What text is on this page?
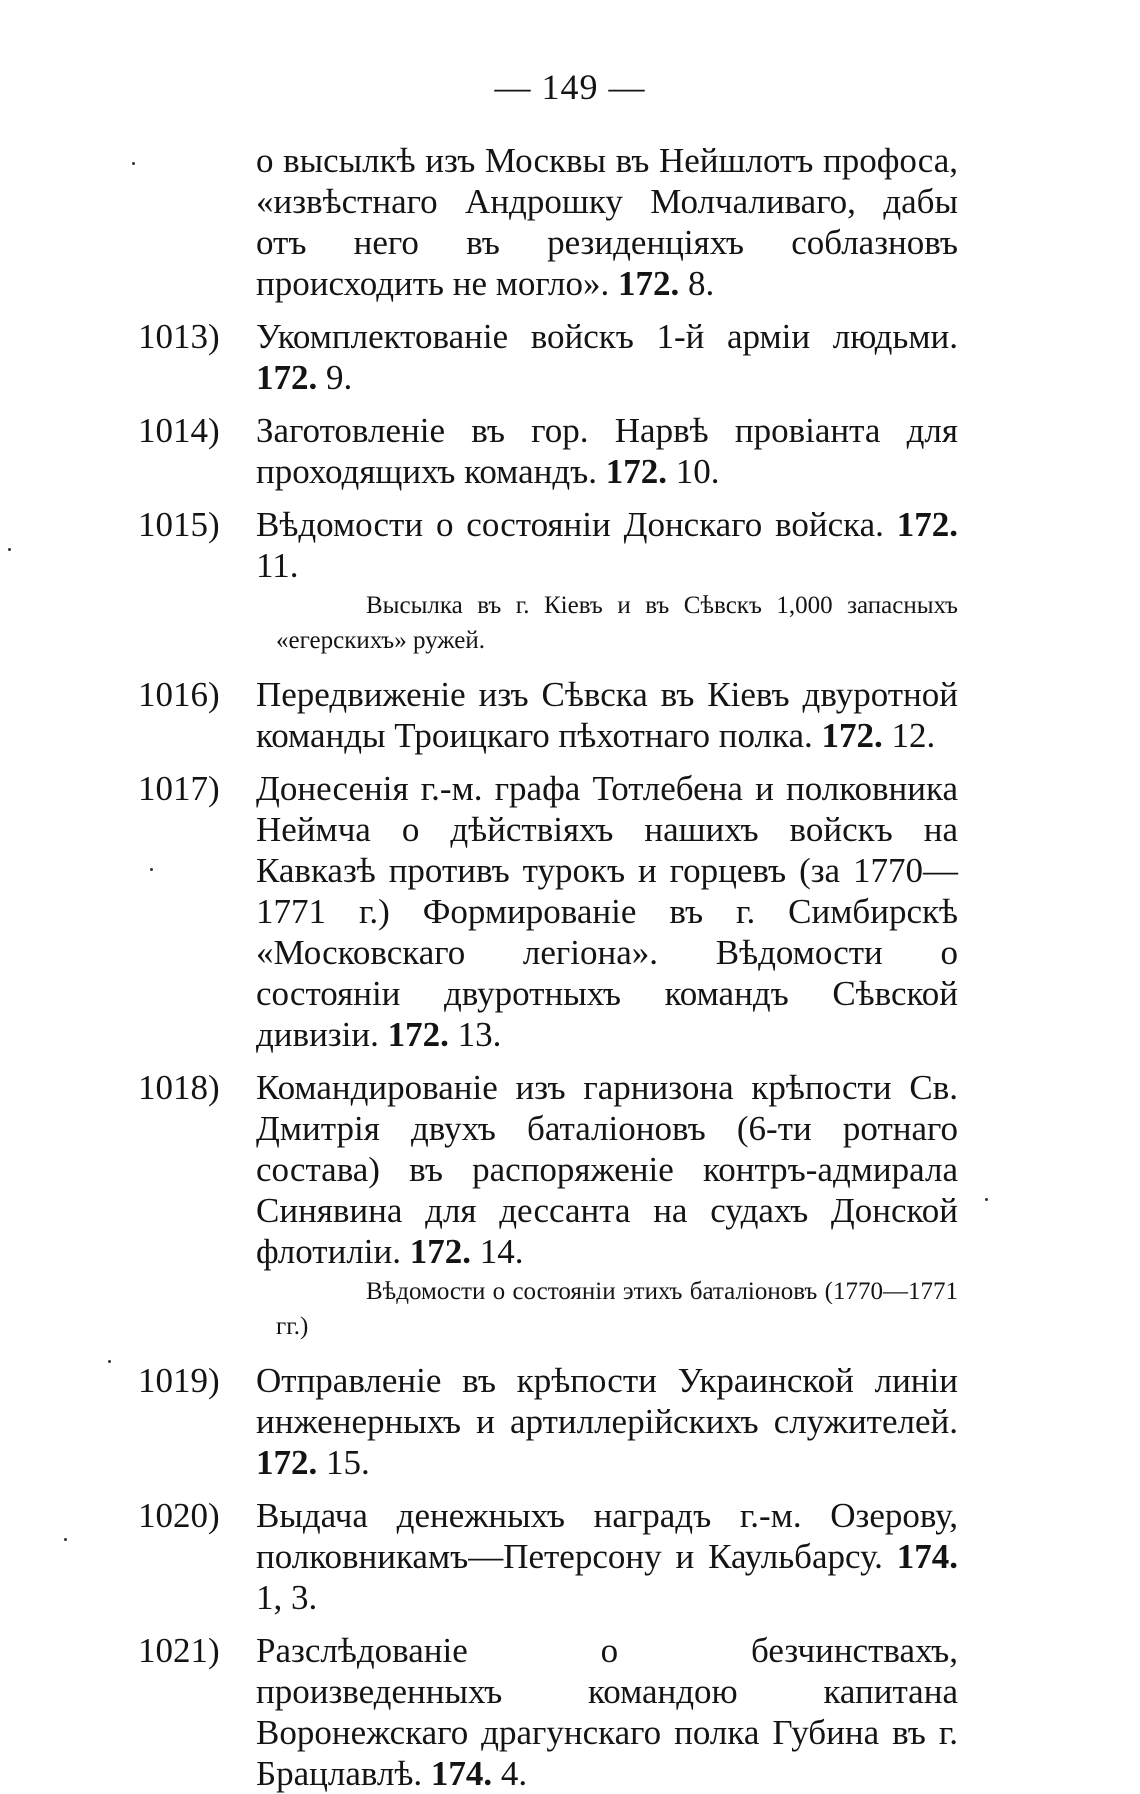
— 149 —
о высылкѣ изъ Москвы въ Нейшлотъ профоса, «извѣстнаго Андрошку Молчаливаго, дабы отъ него въ резиденціяхъ соблазновъ происходить не могло». 172. 8.
1013)	Укомплектованіе войскъ 1-й арміи людьми. 172. 9.
1014)	Заготовленіе въ гор. Нарвѣ провіанта для проходящихъ командъ. 172. 10.
1015)	Вѣдомости о состояніи Донскаго войска. 172. 11.
Высылка въ г. Кіевъ и въ Сѣвскъ 1,000 запасныхъ «егерскихъ» ружей.
1016)	Передвиженіе изъ Сѣвска въ Кіевъ двуротной команды Троицкаго пѣхотнаго полка. 172. 12.
1017)	Донесенія г.-м. графа Тотлебена и полковника Неймча о дѣйствіяхъ нашихъ войскъ на Кавказѣ противъ турокъ и горцевъ (за 1770—1771 г.) Формированіе въ г. Симбирскѣ «Московскаго легіона». Вѣдомости о состояніи двуротныхъ командъ Сѣвской дивизіи. 172. 13.
1018)	Командированіе изъ гарнизона крѣпости Св. Дмитрія двухъ баталіоновъ (6-ти ротнаго состава) въ распоряженіе контръ-адмирала Синявина для дессанта на судахъ Донской флотиліи. 172. 14.
Вѣдомости о состояніи этихъ баталіоновъ (1770—1771 гг.)
1019)	Отправленіе въ крѣпости Украинской линіи инженерныхъ и артиллерійскихъ служителей. 172. 15.
1020)	Выдача денежныхъ наградъ г.-м. Озерову, полковникамъ—Петерсону и Каульбарсу. 174. 1, 3.
1021)	Разслѣдованіе о безчинствахъ, произведенныхъ командою капитана Воронежскаго драгунскаго полка Губина въ г. Брацлавлѣ. 174. 4.
